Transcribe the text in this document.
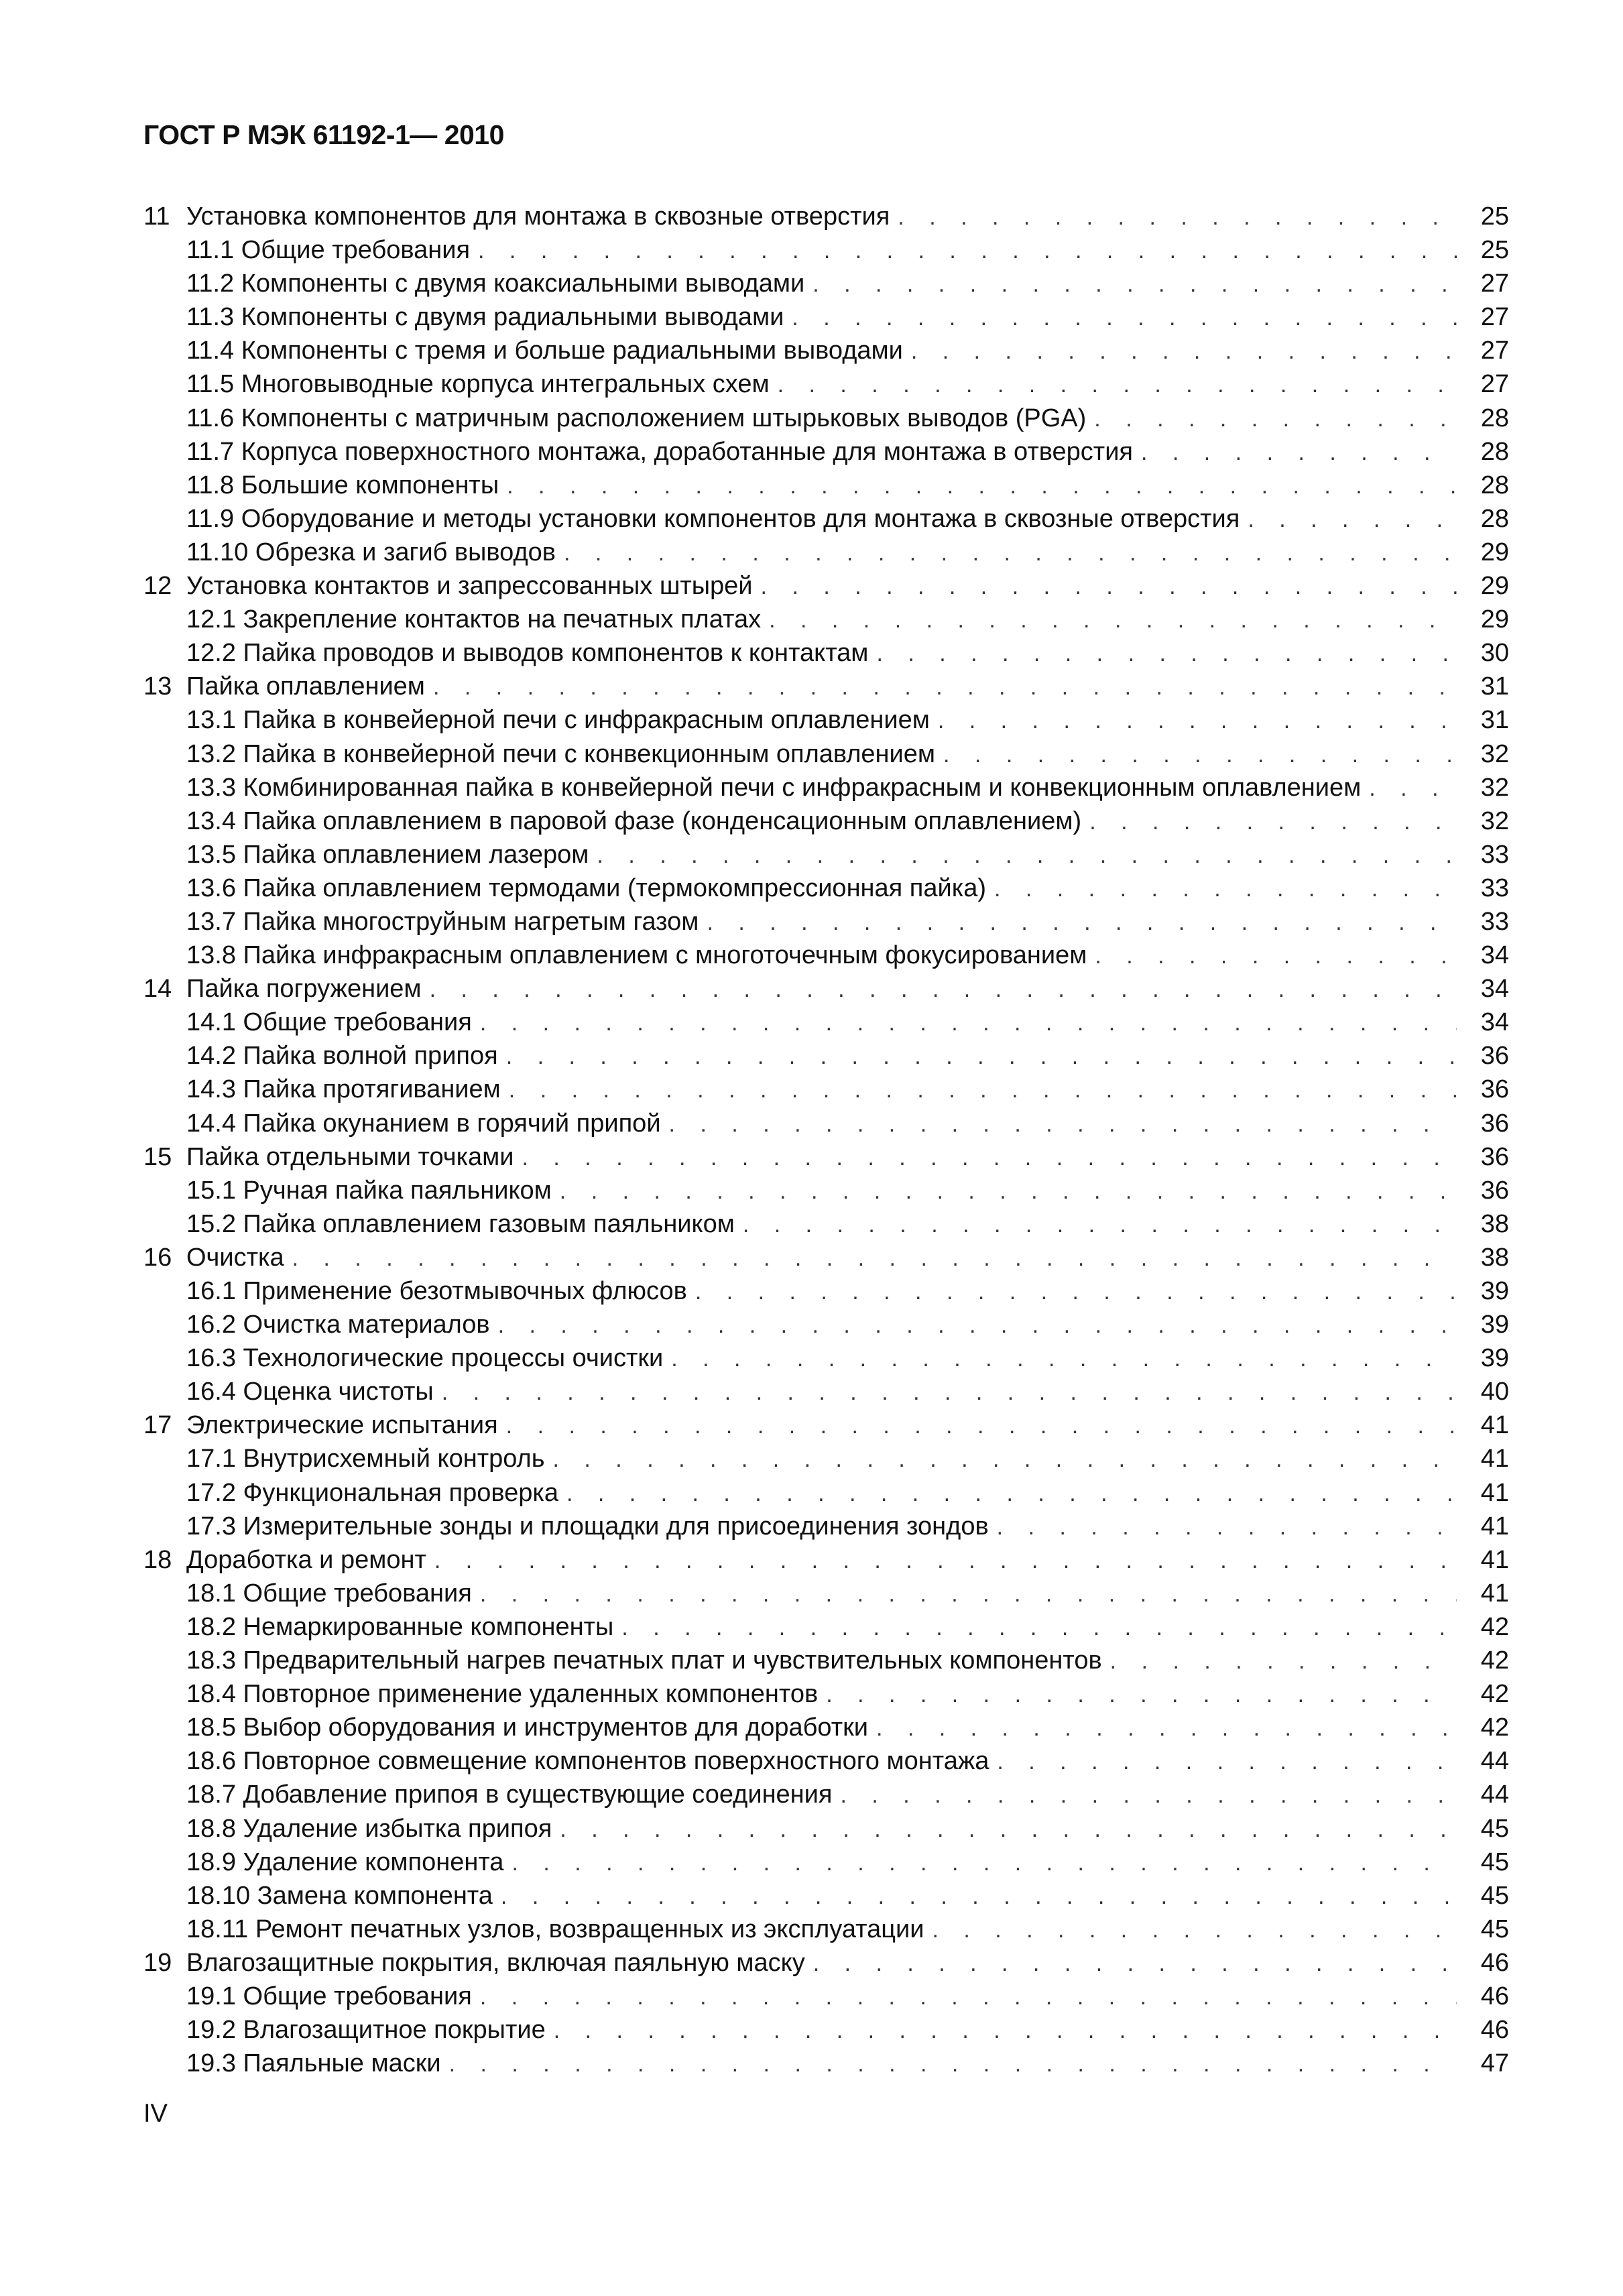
ГОСТ Р МЭК 61192-1— 2010
11 Установка компонентов для монтажа в сквозные отверстия . . .	25
11.1 Общие требования . . .	25
11.2 Компоненты с двумя коаксиальными выводами . . .	27
11.3 Компоненты с двумя радиальными выводами . . .	27
11.4 Компоненты с тремя и больше радиальными выводами . . .	27
11.5 Многовыводные корпуса интегральных схем . . .	27
11.6 Компоненты с матричным расположением штырьковых выводов (PGA) . . .	28
11.7 Корпуса поверхностного монтажа, доработанные для монтажа в отверстия . . .	28
11.8 Большие компоненты . . .	28
11.9 Оборудование и методы установки компонентов для монтажа в сквозные отверстия . . .	28
11.10 Обрезка и загиб выводов . . .	29
12 Установка контактов и запрессованных штырей . . .	29
12.1 Закрепление контактов на печатных платах . . .	29
12.2 Пайка проводов и выводов компонентов к контактам . . .	30
13 Пайка оплавлением . . .	31
13.1 Пайка в конвейерной печи с инфракрасным оплавлением . . .	31
13.2 Пайка в конвейерной печи с конвекционным оплавлением . . .	32
13.3 Комбинированная пайка в конвейерной печи с инфракрасным и конвекционным оплавлением . . .	32
13.4 Пайка оплавлением в паровой фазе (конденсационным оплавлением) . . .	32
13.5 Пайка оплавлением лазером . . .	33
13.6 Пайка оплавлением термодами (термокомпрессионная пайка) . . .	33
13.7 Пайка многоструйным нагретым газом . . .	33
13.8 Пайка инфракрасным оплавлением с многоточечным фокусированием . . .	34
14 Пайка погружением . . .	34
14.1 Общие требования . . .	34
14.2 Пайка волной припоя . . .	36
14.3 Пайка протягиванием . . .	36
14.4 Пайка окунанием в горячий припой . . .	36
15 Пайка отдельными точками . . .	36
15.1 Ручная пайка паяльником . . .	36
15.2 Пайка оплавлением газовым паяльником . . .	38
16 Очистка . . .	38
16.1 Применение безотмывочных флюсов . . .	39
16.2 Очистка материалов . . .	39
16.3 Технологические процессы очистки . . .	39
16.4 Оценка чистоты . . .	40
17 Электрические испытания . . .	41
17.1 Внутрисхемный контроль . . .	41
17.2 Функциональная проверка . . .	41
17.3 Измерительные зонды и площадки для присоединения зондов . . .	41
18 Доработка и ремонт . . .	41
18.1 Общие требования . . .	41
18.2 Немаркированные компоненты . . .	42
18.3 Предварительный нагрев печатных плат и чувствительных компонентов . . .	42
18.4 Повторное применение удаленных компонентов . . .	42
18.5 Выбор оборудования и инструментов для доработки . . .	42
18.6 Повторное совмещение компонентов поверхностного монтажа . . .	44
18.7 Добавление припоя в существующие соединения . . .	44
18.8 Удаление избытка припоя . . .	45
18.9 Удаление компонента . . .	45
18.10 Замена компонента . . .	45
18.11 Ремонт печатных узлов, возвращенных из эксплуатации . . .	45
19 Влагозащитные покрытия, включая паяльную маску . . .	46
19.1 Общие требования . . .	46
19.2 Влагозащитное покрытие . . .	46
19.3 Паяльные маски . . .	47
IV
